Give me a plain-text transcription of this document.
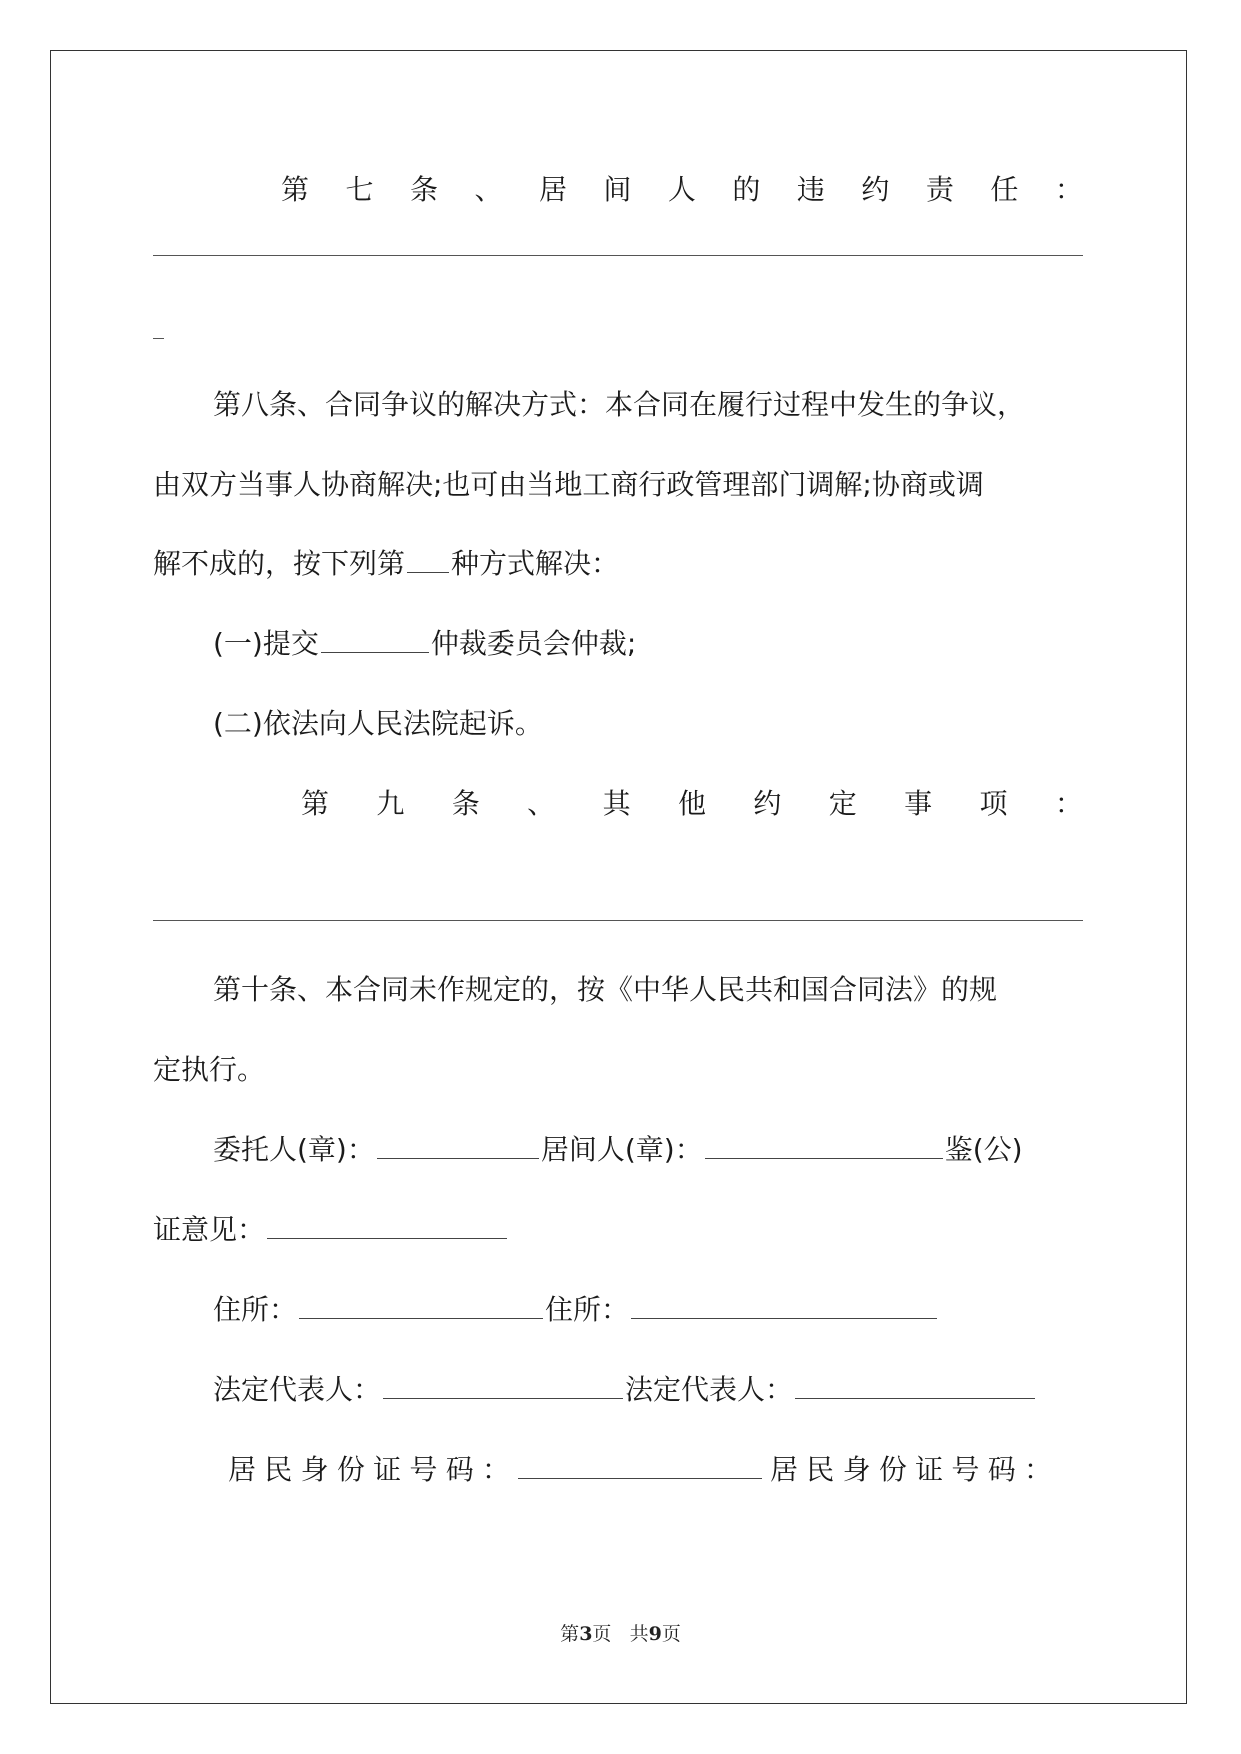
第 七 条 、 居 间 人 的 违 约 责 任 ：
第八条、合同争议的解决方式：本合同在履行过程中发生的争议，
由双方当事人协商解决;也可由当地工商行政管理部门调解;协商或调
解不成的，按下列第 种方式解决：
(一)提交	仲裁委员会仲裁;
(二)依法向人民法院起诉。
第 九 条 、 其 他 约 定 事 项 ：
第十条、本合同未作规定的，按《中华人民共和国合同法》的规
定执行。
委托人(章)：	居间人(章)：	鉴(公)
证意见：
住所：	住所：
法定代表人：	法定代表人：
居 民 身 份 证 号 码 ：	居 民 身 份 证 号 码 ：
第3页 共9页
